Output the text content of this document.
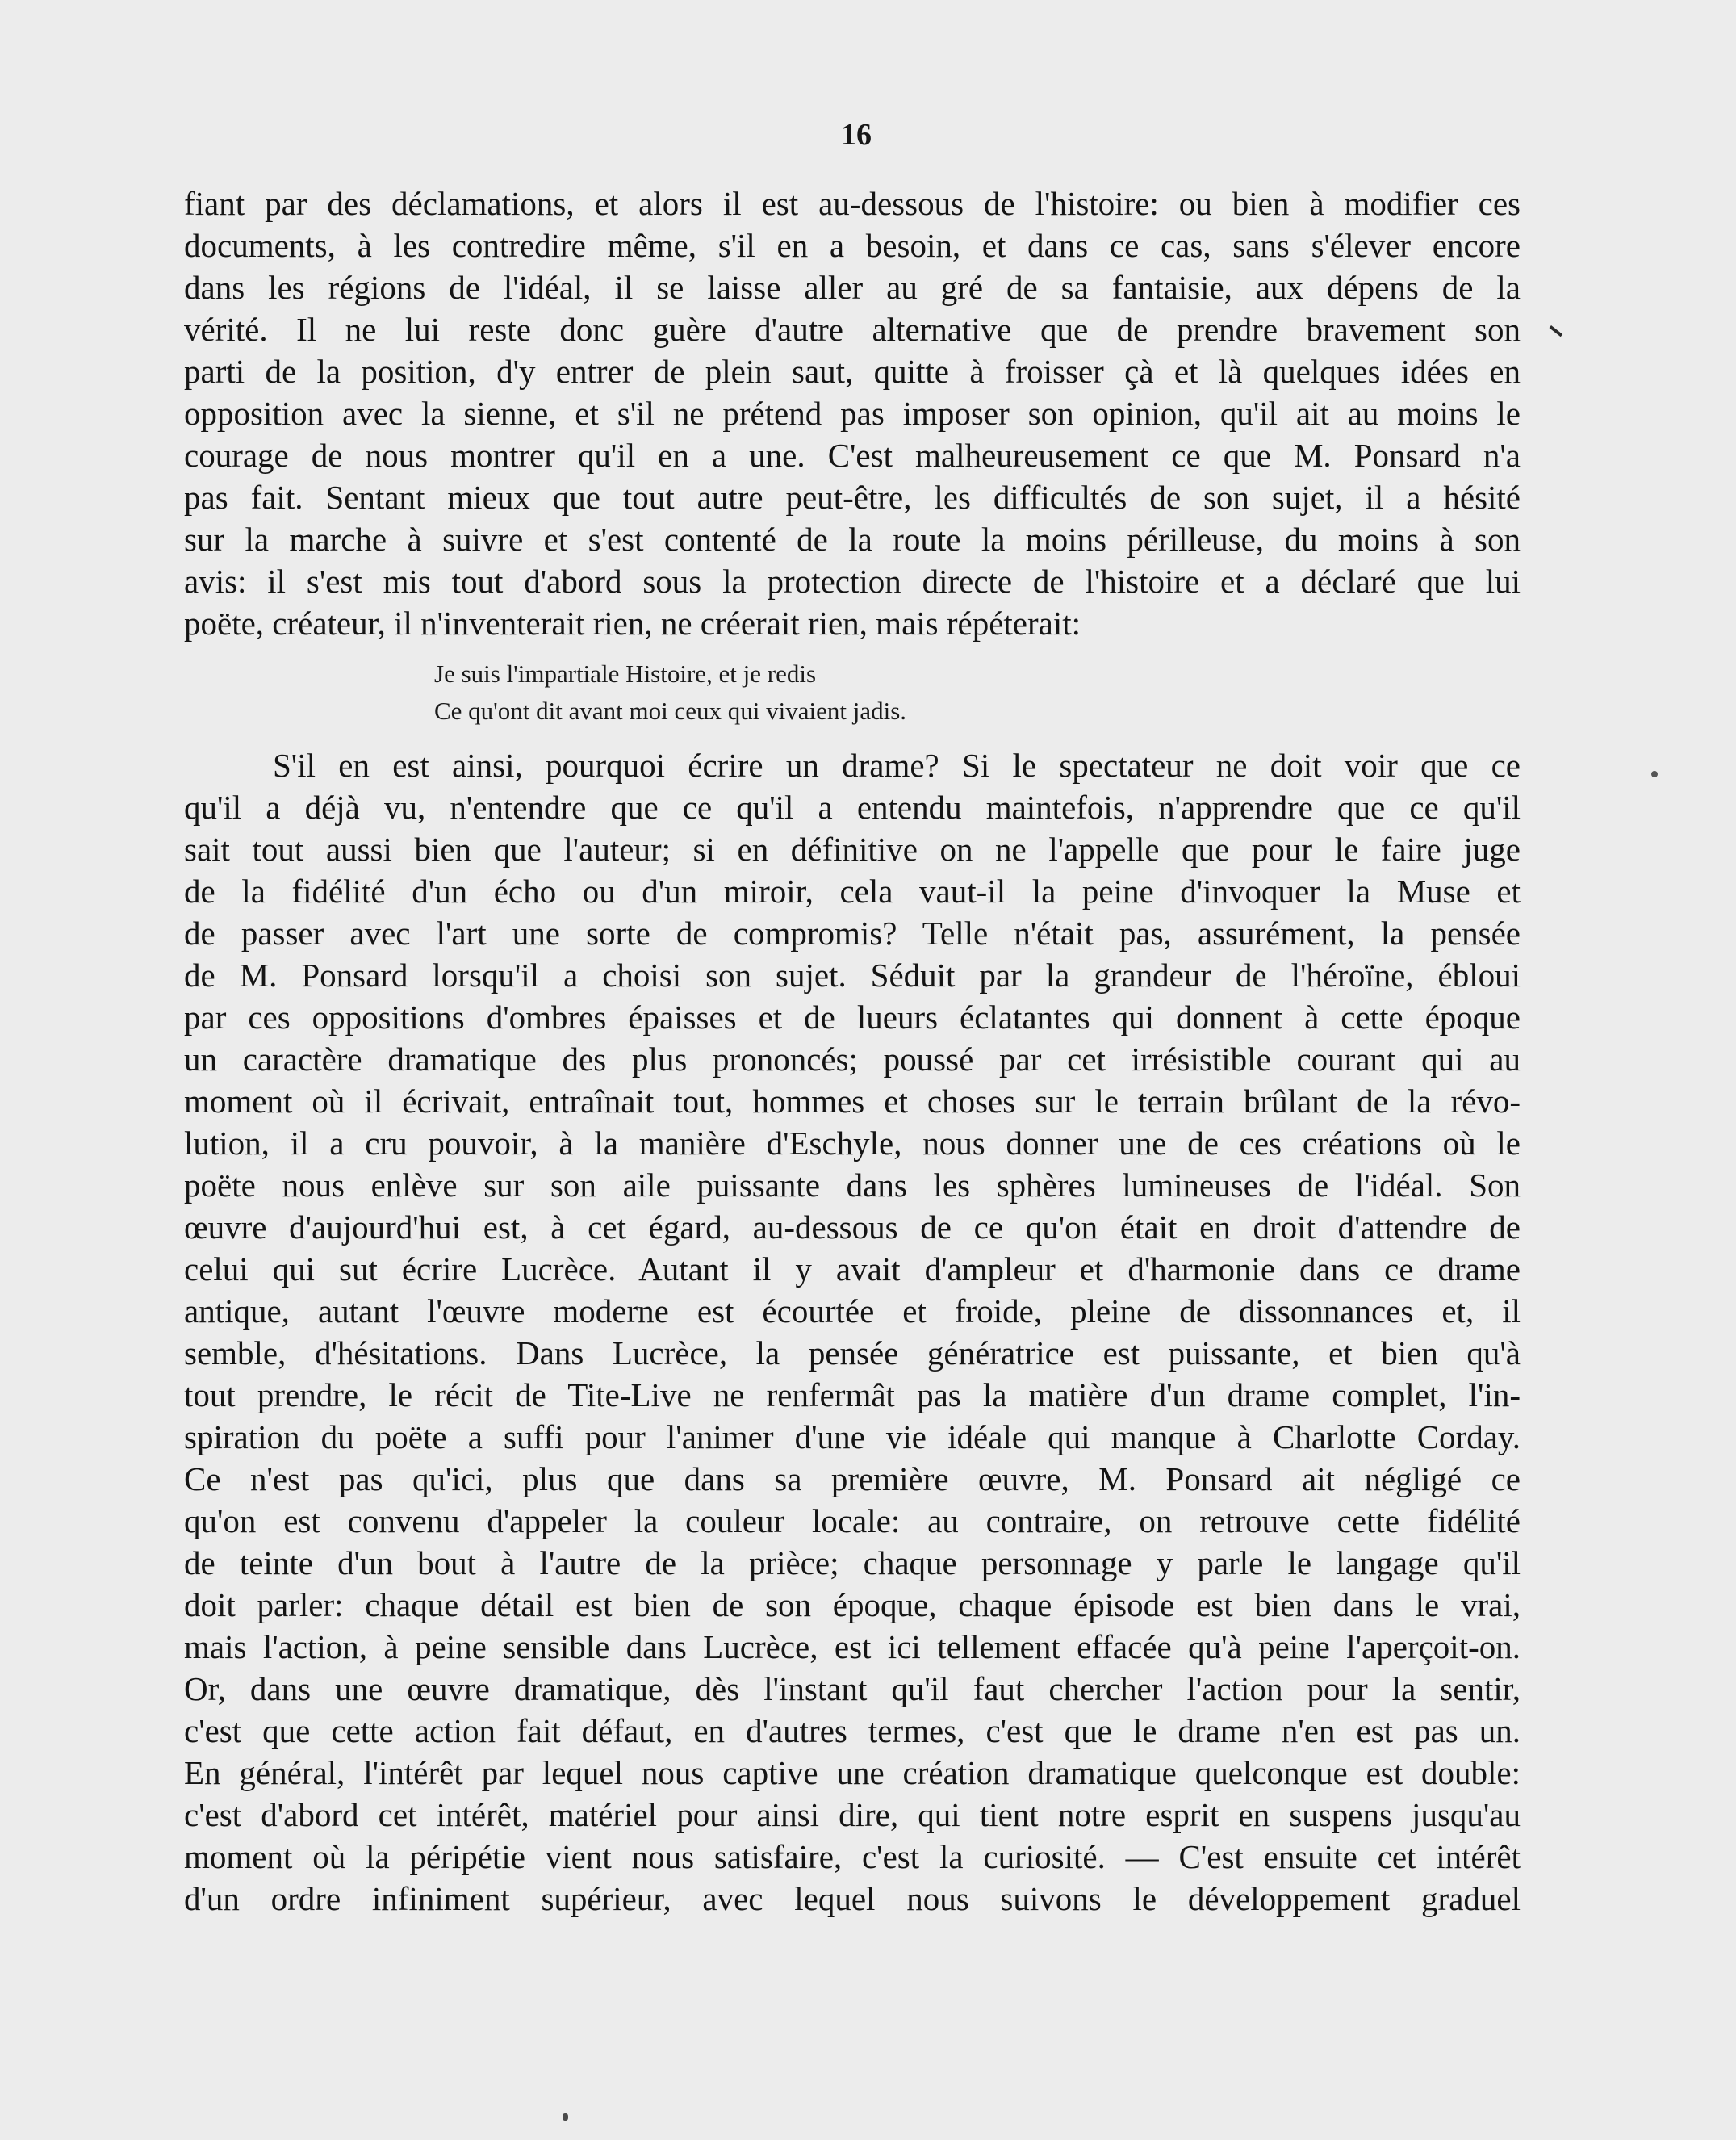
16
fiant par des déclamations, et alors il est au-dessous de l'histoire: ou bien à modifier ces
documents, à les contredire même, s'il en a besoin, et dans ce cas, sans s'élever encore
dans les régions de l'idéal, il se laisse aller au gré de sa fantaisie, aux dépens de la
vérité. Il ne lui reste donc guère d'autre alternative que de prendre bravement son
parti de la position, d'y entrer de plein saut, quitte à froisser çà et là quelques idées en
opposition avec la sienne, et s'il ne prétend pas imposer son opinion, qu'il ait au moins le
courage de nous montrer qu'il en a une. C'est malheureusement ce que M. Ponsard n'a
pas fait. Sentant mieux que tout autre peut-être, les difficultés de son sujet, il a hésité
sur la marche à suivre et s'est contenté de la route la moins périlleuse, du moins à son
avis: il s'est mis tout d'abord sous la protection directe de l'histoire et a déclaré que lui
poëte, créateur, il n'inventerait rien, ne créerait rien, mais répéterait:
Je suis l'impartiale Histoire, et je redis
Ce qu'ont dit avant moi ceux qui vivaient jadis.
S'il en est ainsi, pourquoi écrire un drame? Si le spectateur ne doit voir que ce
qu'il a déjà vu, n'entendre que ce qu'il a entendu maintefois, n'apprendre que ce qu'il
sait tout aussi bien que l'auteur; si en définitive on ne l'appelle que pour le faire juge
de la fidélité d'un écho ou d'un miroir, cela vaut-il la peine d'invoquer la Muse et
de passer avec l'art une sorte de compromis? Telle n'était pas, assurément, la pensée
de M. Ponsard lorsqu'il a choisi son sujet. Séduit par la grandeur de l'héroïne, ébloui
par ces oppositions d'ombres épaisses et de lueurs éclatantes qui donnent à cette époque
un caractère dramatique des plus prononcés; poussé par cet irrésistible courant qui au
moment où il écrivait, entraînait tout, hommes et choses sur le terrain brûlant de la révo-
lution, il a cru pouvoir, à la manière d'Eschyle, nous donner une de ces créations où le
poëte nous enlève sur son aile puissante dans les sphères lumineuses de l'idéal. Son
œuvre d'aujourd'hui est, à cet égard, au-dessous de ce qu'on était en droit d'attendre de
celui qui sut écrire Lucrèce. Autant il y avait d'ampleur et d'harmonie dans ce drame
antique, autant l'œuvre moderne est écourtée et froide, pleine de dissonnances et, il
semble, d'hésitations. Dans Lucrèce, la pensée génératrice est puissante, et bien qu'à
tout prendre, le récit de Tite-Live ne renfermât pas la matière d'un drame complet, l'in-
spiration du poëte a suffi pour l'animer d'une vie idéale qui manque à Charlotte Corday.
Ce n'est pas qu'ici, plus que dans sa première œuvre, M. Ponsard ait négligé ce
qu'on est convenu d'appeler la couleur locale: au contraire, on retrouve cette fidélité
de teinte d'un bout à l'autre de la prièce; chaque personnage y parle le langage qu'il
doit parler: chaque détail est bien de son époque, chaque épisode est bien dans le vrai,
mais l'action, à peine sensible dans Lucrèce, est ici tellement effacée qu'à peine l'aperçoit-on.
Or, dans une œuvre dramatique, dès l'instant qu'il faut chercher l'action pour la sentir,
c'est que cette action fait défaut, en d'autres termes, c'est que le drame n'en est pas un.
En général, l'intérêt par lequel nous captive une création dramatique quelconque est double:
c'est d'abord cet intérêt, matériel pour ainsi dire, qui tient notre esprit en suspens jusqu'au
moment où la péripétie vient nous satisfaire, c'est la curiosité. — C'est ensuite cet intérêt
d'un ordre infiniment supérieur, avec lequel nous suivons le développement graduel
